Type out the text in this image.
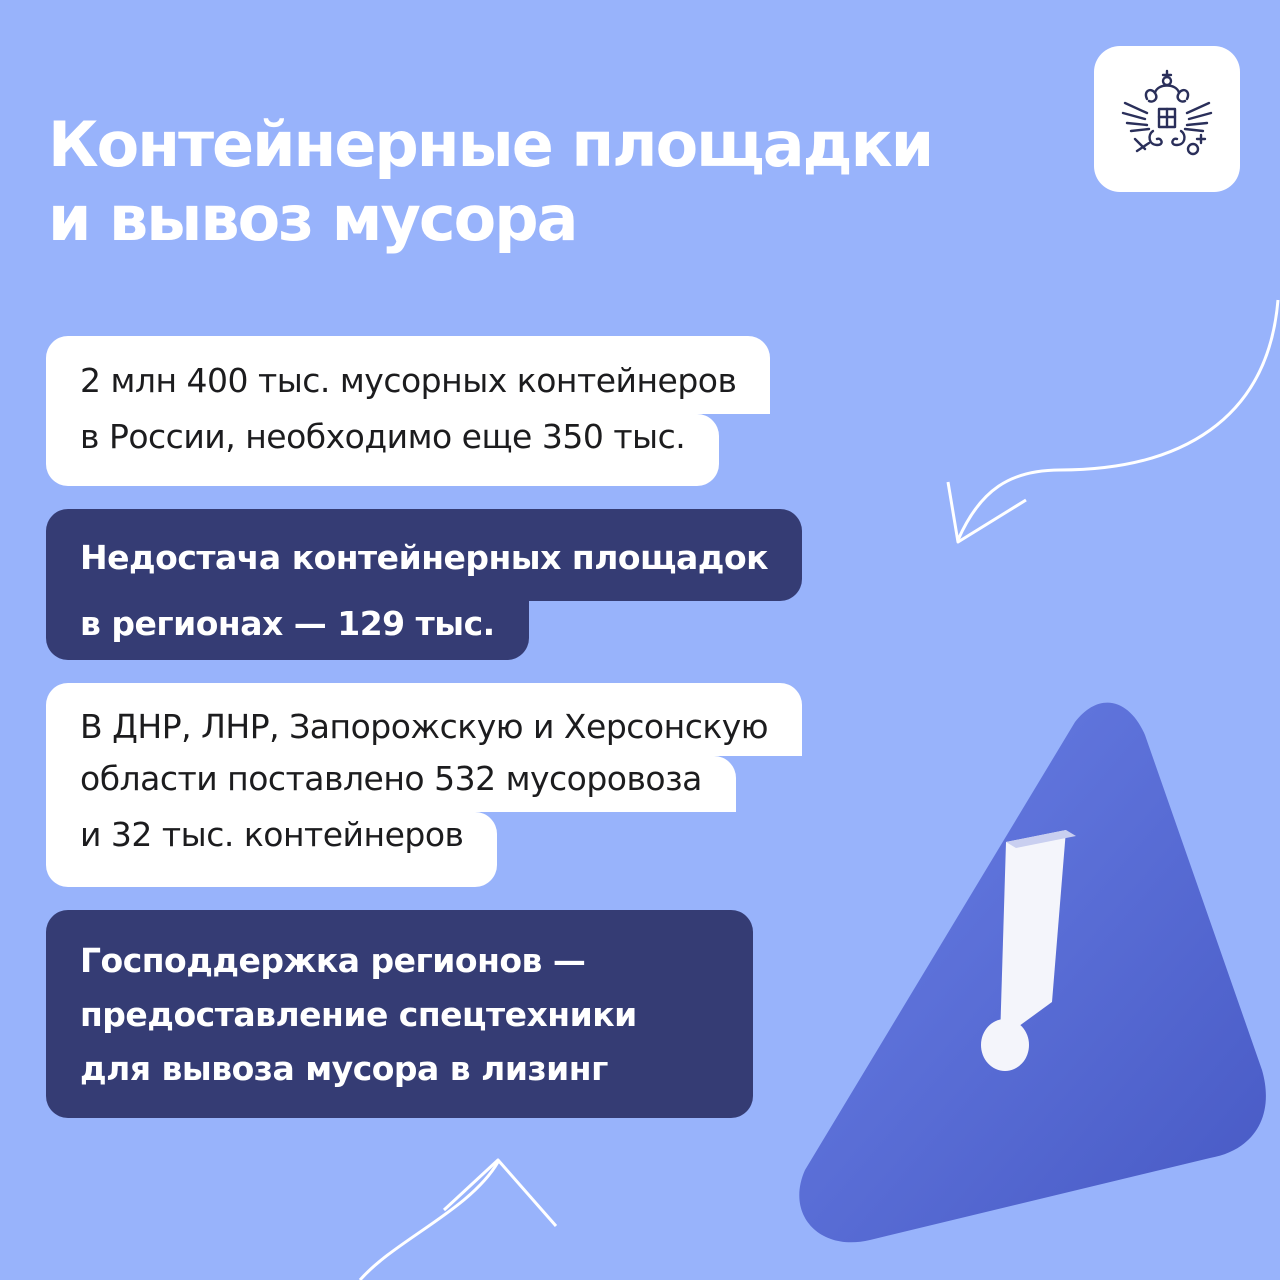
Контейнерные площадки
и вывоз мусора
2 млн 400 тыс. мусорных контейнеров
в России, необходимо еще 350 тыс.
Недостача контейнерных площадок
в регионах — 129 тыс.
В ДНР, ЛНР, Запорожскую и Херсонскую
области поставлено 532 мусоровоза
и 32 тыс. контейнеров
Господдержка регионов —
предоставление спецтехники
для вывоза мусора в лизинг
